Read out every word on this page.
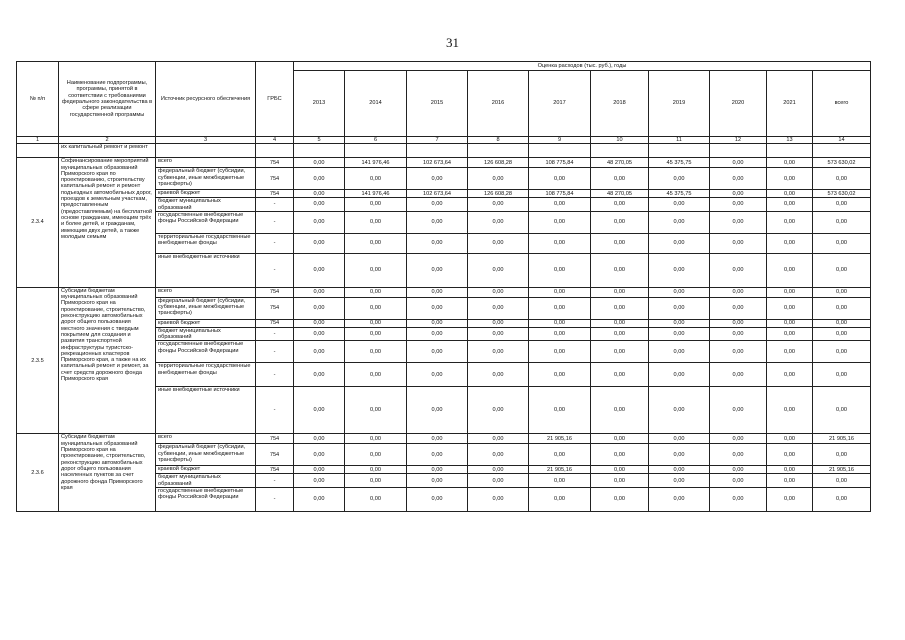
31
№ п/п	Наименование подпрограммы, программы, принятой в соответствии с требованиями федерального законодательства в сфере реализации государственной программы	Источник ресурсного обеспечения	ГРБС	Оценка расходов (тыс. руб.), годы									
				2013	2014	2015	2016	2017	2018	2019	2020	2021	всего
1	2	3	4	5	6	7	8	9	10	11	12	13	14
	их капитальный ремонт и ремонт												
2.3.4	Софинансирование мероприятий муниципальных образований Приморского края по проектированию, строительству капитальный ремонт и ремонт подъездных автомобильных дорог, проездов к земельным участкам, предоставленным (предоставляемым) на бесплатной основе гражданам, имеющим трёх и более детей, и гражданам, имеющим двух детей, а также молодым семьям	всего	754	0,00	141 976,46	102 673,64	126 608,28	108 775,84	48 270,05	45 375,75	0,00	0,00	573 630,02
		федеральный бюджет (субсидии, субвенции, иные межбюджетные трансферты)	754	0,00	0,00	0,00	0,00	0,00	0,00	0,00	0,00	0,00	0,00
		краевой бюджет	754	0,00	141 976,46	102 673,64	126 608,28	108 775,84	48 270,05	45 375,75	0,00	0,00	573 630,02
		бюджет муниципальных образований	-	0,00	0,00	0,00	0,00	0,00	0,00	0,00	0,00	0,00	0,00
		государственные внебюджетные фонды Российской Федерации	-	0,00	0,00	0,00	0,00	0,00	0,00	0,00	0,00	0,00	0,00
		территориальные государственные внебюджетные фонды	-	0,00	0,00	0,00	0,00	0,00	0,00	0,00	0,00	0,00	0,00
		иные внебюджетные источники	-	0,00	0,00	0,00	0,00	0,00	0,00	0,00	0,00	0,00	0,00
2.3.5	Субсидии бюджетам муниципальных образований Приморского края на проектирование, строительство, реконструкцию автомобильных дорог общего пользования местного значения с твердым покрытием для создания и развития транспортной инфраструктуры туристско- рекреационных кластеров Приморского края, а также на их капитальный ремонт и ремонт, за счет средств дорожного фонда Приморского края	всего	754	0,00	0,00	0,00	0,00	0,00	0,00	0,00	0,00	0,00	0,00
		федеральный бюджет (субсидии, субвенции, иные межбюджетные трансферты)	754	0,00	0,00	0,00	0,00	0,00	0,00	0,00	0,00	0,00	0,00
		краевой бюджет	754	0,00	0,00	0,00	0,00	0,00	0,00	0,00	0,00	0,00	0,00
		бюджет муниципальных образований	-	0,00	0,00	0,00	0,00	0,00	0,00	0,00	0,00	0,00	0,00
		государственные внебюджетные фонды Российской Федерации	-	0,00	0,00	0,00	0,00	0,00	0,00	0,00	0,00	0,00	0,00
		территориальные государственные внебюджетные фонды	-	0,00	0,00	0,00	0,00	0,00	0,00	0,00	0,00	0,00	0,00
		иные внебюджетные источники	-	0,00	0,00	0,00	0,00	0,00	0,00	0,00	0,00	0,00	0,00
2.3.6	Субсидии бюджетам муниципальных образований Приморского края на проектирование, строительство, реконструкцию автомобильных дорог общего пользования населенных пунктов за счет дорожного фонда Приморского края	всего	754	0,00	0,00	0,00	0,00	21 905,16	0,00	0,00	0,00	0,00	21 905,16
		федеральный бюджет (субсидии, субвенции, иные межбюджетные трансферты)	754	0,00	0,00	0,00	0,00	0,00	0,00	0,00	0,00	0,00	0,00
		краевой бюджет	754	0,00	0,00	0,00	0,00	21 905,16	0,00	0,00	0,00	0,00	21 905,16
		бюджет муниципальных образований	-	0,00	0,00	0,00	0,00	0,00	0,00	0,00	0,00	0,00	0,00
		государственные внебюджетные фонды Российской Федерации	-	0,00	0,00	0,00	0,00	0,00	0,00	0,00	0,00	0,00	0,00
